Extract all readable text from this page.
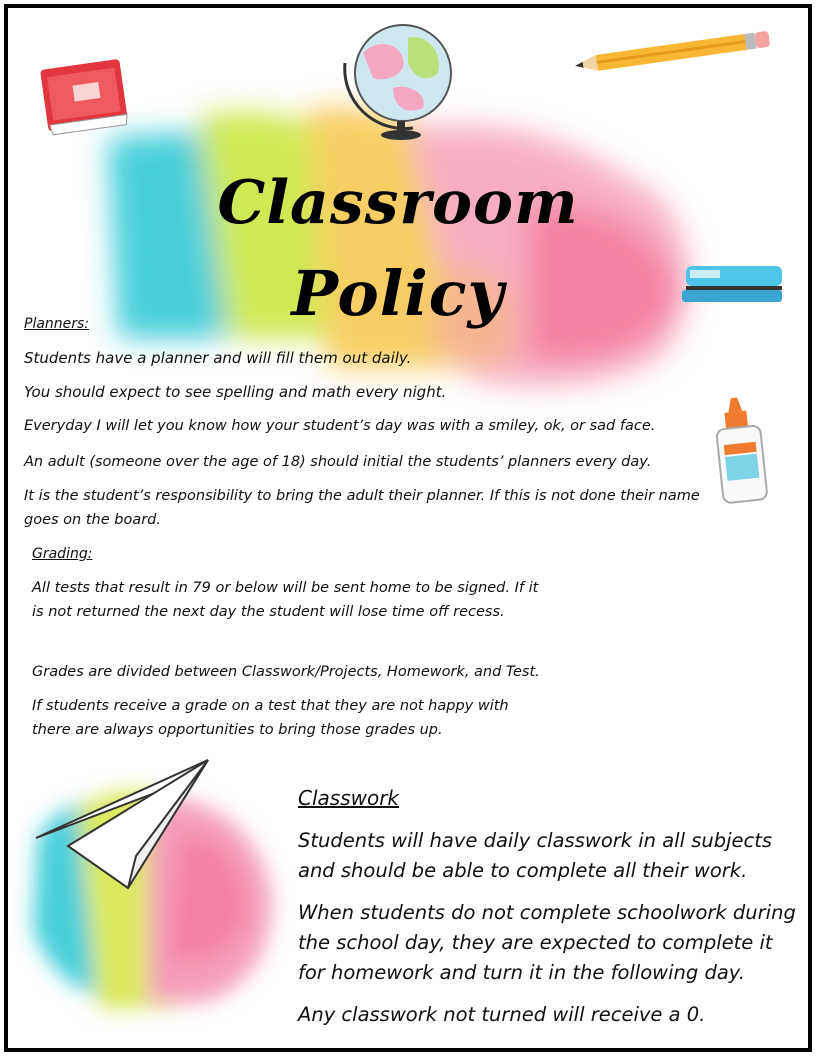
Classroom
Policy
Planners:
Students have a planner and will fill them out daily.
You should expect to see spelling and math every night.
Everyday I will let you know how your student’s day was with a smiley, ok, or sad face.
An adult (someone over the age of 18) should initial the students’ planners every day.
It is the student’s responsibility to bring the adult their planner. If this is not done their name goes on the board.
Grading:
All tests that result in 79 or below will be sent home to be signed. If it is not returned the next day the student will lose time off recess.
Grades are divided between Classwork/Projects, Homework, and Test.
If students receive a grade on a test that they are not happy with there are always opportunities to bring those grades up.
Classwork
Students will have daily classwork in all subjects and should be able to complete all their work.
When students do not complete schoolwork during the school day, they are expected to complete it for homework and turn it in the following day.
Any classwork not turned will receive a 0.
